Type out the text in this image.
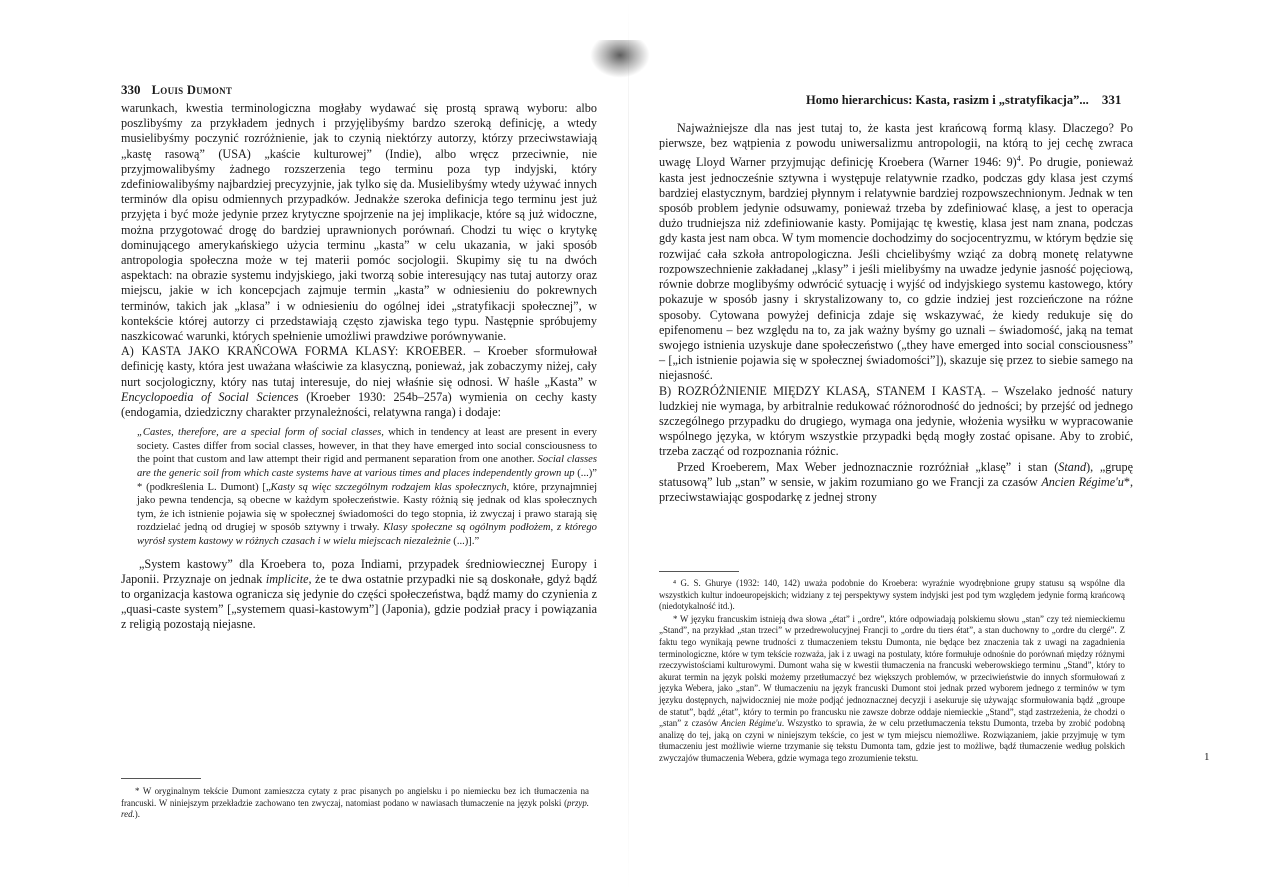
330 Louis Dumont

warunkach, kwestia terminologiczna mogłaby wydawać się prostą sprawą wyboru: albo poszlibyśmy za przykładem jednych i przyjęlibyśmy bardzo szeroką definicję, a wtedy musielibyśmy poczynić rozróżnienie, jak to czynią niektórzy autorzy, którzy przeciwstawiają „kastę rasową” (USA) „kaście kulturowej” (Indie), albo wręcz przeciwnie, nie przyjmowalibyśmy żadnego rozszerzenia tego terminu poza typ indyjski, który zdefiniowalibyśmy najbardziej precyzyjnie, jak tylko się da. Musielibyśmy wtedy używać innych terminów dla opisu odmiennych przypadków. Jednakże szeroka definicja tego terminu jest już przyjęta i być może jedynie przez krytyczne spojrzenie na jej implikacje, które są już widoczne, można przygotować drogę do bardziej uprawnionych porównań. Chodzi tu więc o krytykę dominującego amerykańskiego użycia terminu „kasta” w celu ukazania, w jaki sposób antropologia społeczna może w tej materii pomóc socjologii. Skupimy się tu na dwóch aspektach: na obrazie systemu indyjskiego, jaki tworzą sobie interesujący nas tutaj autorzy oraz miejscu, jakie w ich koncepcjach zajmuje termin „kasta” w odniesieniu do pokrewnych terminów, takich jak „klasa” i w odniesieniu do ogólnej idei „stratyfikacji społecznej”, w kontekście której autorzy ci przedstawiają często zjawiska tego typu. Następnie spróbujemy naszkicować warunki, których spełnienie umożliwi prawdziwe porównywanie.

A) KASTA JAKO KRAŃCOWA FORMA KLASY: KROEBER. – Kroeber sformułował definicję kasty, która jest uważana właściwie za klasyczną, ponieważ, jak zobaczymy niżej, cały nurt socjologiczny, który nas tutaj interesuje, do niej właśnie się odnosi. W haśle „Kasta” w Encyclopoedia of Social Sciences (Kroeber 1930: 254b–257a) wymienia on cechy kasty (endogamia, dziedziczny charakter przynależności, relatywna ranga) i dodaje:

„Castes, therefore, are a special form of social classes, which in tendency at least are present in every society. Castes differ from social classes, however, in that they have emerged into social consciousness to the point that custom and law attempt their rigid and permanent separation from one another. Social classes are the generic soil from which caste systems have at various times and places independently grown up (...)” * (podkreślenia L. Dumont) [„Kasty są więc szczególnym rodzajem klas społecznych, które, przynajmniej jako pewna tendencja, są obecne w każdym społeczeństwie. Kasty różnią się jednak od klas społecznych tym, że ich istnienie pojawia się w społecznej świadomości do tego stopnia, iż zwyczaj i prawo starają się rozdzielać jedną od drugiej w sposób sztywny i trwały. Klasy społeczne są ogólnym podłożem, z którego wyrósł system kastowy w różnych czasach i w wielu miejscach niezależnie (...)].”

„System kastowy” dla Kroebera to, poza Indiami, przypadek średniowiecznej Europy i Japonii. Przyznaje on jednak implicite, że te dwa ostatnie przypadki nie są doskonałe, gdyż bądź to organizacja kastowa ogranicza się jedynie do części społeczeństwa, bądź mamy do czynienia z „quasi-caste system” [„systemem quasi-kastowym”] (Japonia), gdzie podział pracy i powiązania z religią pozostają niejasne.

* W oryginalnym tekście Dumont zamieszcza cytaty z prac pisanych po angielsku i po niemiecku bez ich tłumaczenia na francuski. W niniejszym przekładzie zachowano ten zwyczaj, natomiast podano w nawiasach tłumaczenie na język polski (przyp. red.).

Homo hierarchicus: Kasta, rasizm i „stratyfikacja”... 331

Najważniejsze dla nas jest tutaj to, że kasta jest krańcową formą klasy. Dlaczego? Po pierwsze, bez wątpienia z powodu uniwersalizmu antropologii, na którą to jej cechę zwraca uwagę Lloyd Warner przyjmując definicję Kroebera (Warner 1946: 9)$^4$. Po drugie, ponieważ kasta jest jednocześnie sztywna i występuje relatywnie rzadko, podczas gdy klasa jest czymś bardziej elastycznym, bardziej płynnym i relatywnie bardziej rozpowszechnionym. Jednak w ten sposób problem jedynie odsuwamy, ponieważ trzeba by zdefiniować klasę, a jest to operacja dużo trudniejsza niż zdefiniowanie kasty. Pomijając tę kwestię, klasa jest nam znana, podczas gdy kasta jest nam obca. W tym momencie dochodzimy do socjocentryzmu, w którym będzie się rozwijać cała szkoła antropologiczna. Jeśli chcielibyśmy wziąć za dobrą monetę relatywne rozpowszechnienie zakładanej „klasy” i jeśli mielibyśmy na uwadze jedynie jasność pojęciową, równie dobrze moglibyśmy odwrócić sytuację i wyjść od indyjskiego systemu kastowego, który pokazuje w sposób jasny i skrystalizowany to, co gdzie indziej jest rozcieńczone na różne sposoby. Cytowana powyżej definicja zdaje się wskazywać, że kiedy redukuje się do epifenomenu – bez względu na to, za jak ważny byśmy go uznali – świadomość, jaką na temat swojego istnienia uzyskuje dane społeczeństwo („they have emerged into social consciousness” – [„ich istnienie pojawia się w społecznej świadomości”]), skazuje się przez to siebie samego na niejasność.

B) ROZRÓŻNIENIE MIĘDZY KLASĄ, STANEM I KASTĄ. – Wszelako jedność natury ludzkiej nie wymaga, by arbitralnie redukować różnorodność do jedności; by przejść od jednego szczególnego przypadku do drugiego, wymaga ona jedynie, włożenia wysiłku w wypracowanie wspólnego języka, w którym wszystkie przypadki będą mogły zostać opisane. Aby to zrobić, trzeba zacząć od rozpoznania różnic.

Przed Kroeberem, Max Weber jednoznacznie rozróżniał „klasę” i stan (Stand), „grupę statusową” lub „stan” w sensie, w jakim rozumiano go we Francji za czasów Ancien Régime'u*, przeciwstawiając gospodarkę z jednej strony

⁴ G. S. Ghurye (1932: 140, 142) uważa podobnie do Kroebera: wyraźnie wyodrębnione grupy statusu są wspólne dla wszystkich kultur indoeuropejskich; widziany z tej perspektywy system indyjski jest pod tym względem jedynie formą krańcową (niedotykalność itd.).

* W języku francuskim istnieją dwa słowa „état” i „ordre”, które odpowiadają polskiemu słowu „stan” czy też niemieckiemu „Stand”, na przykład „stan trzeci” w przedrewolucyjnej Francji to „ordre du tiers état”, a stan duchowny to „ordre du clergé”. Z faktu tego wynikają pewne trudności z tłumaczeniem tekstu Dumonta, nie będące bez znaczenia tak z uwagi na zagadnienia terminologiczne, które w tym tekście rozważa, jak i z uwagi na postulaty, które formułuje odnośnie do porównań między różnymi rzeczywistościami kulturowymi. Dumont waha się w kwestii tłumaczenia na francuski weberowskiego terminu „Stand”, który to akurat termin na język polski możemy przetłumaczyć bez większych problemów, w przeciwieństwie do innych sformułowań z języka Webera, jako „stan”. W tłumaczeniu na język francuski Dumont stoi jednak przed wyborem jednego z terminów w tym języku dostępnych, najwidoczniej nie może podjąć jednoznacznej decyzji i asekuruje się używając sformułowania bądź „groupe de statut”, bądź „état”, który to termin po francusku nie zawsze dobrze oddaje niemieckie „Stand”, stąd zastrzeżenia, że chodzi o „stan” z czasów Ancien Régime'u. Wszystko to sprawia, że w celu przetłumaczenia tekstu Dumonta, trzeba by zrobić podobną analizę do tej, jaką on czyni w niniejszym tekście, co jest w tym miejscu niemożliwe. Rozwiązaniem, jakie przyjmuję w tym tłumaczeniu jest możliwie wierne trzymanie się tekstu Dumonta tam, gdzie jest to możliwe, bądź tłumaczenie według polskich zwyczajów tłumaczenia Webera, gdzie wymaga tego zrozumienie tekstu.	1
